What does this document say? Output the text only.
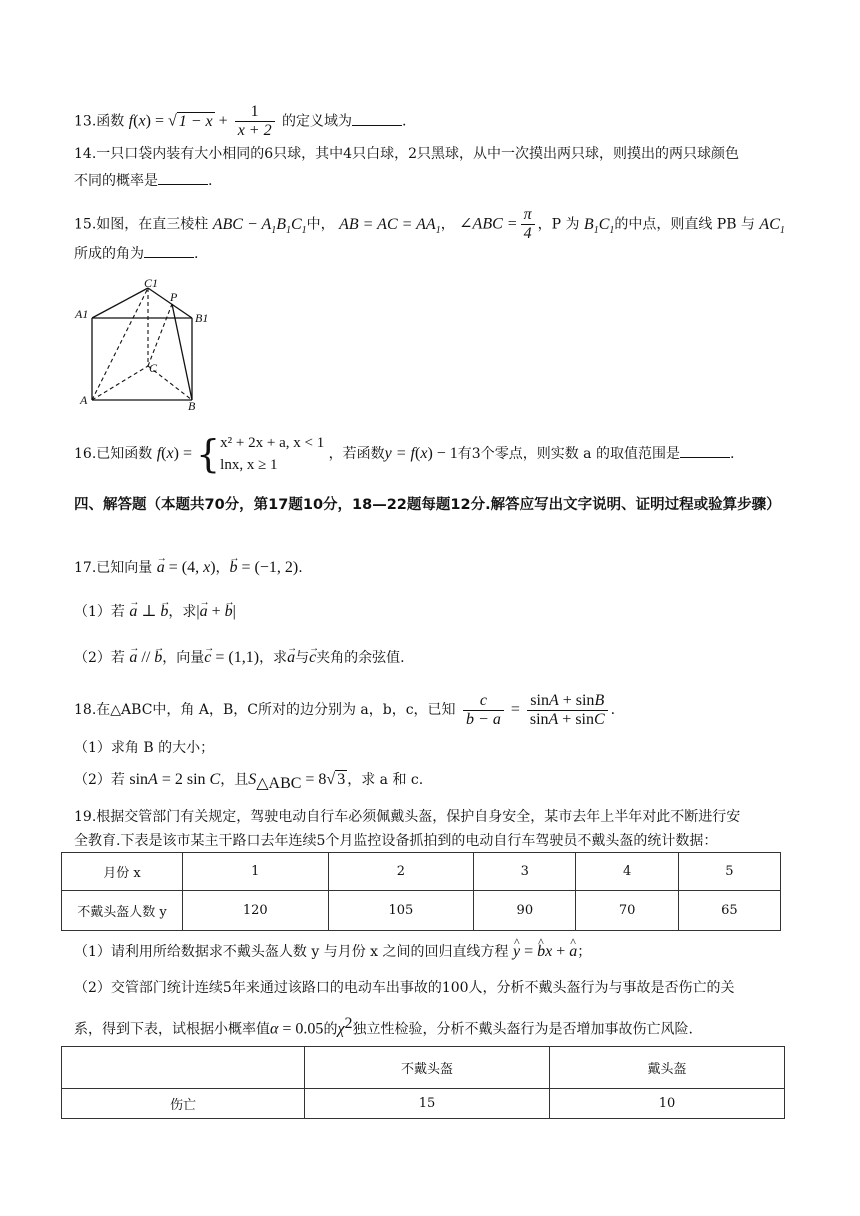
13.函数 f(x) = √ $1 - x + \frac{1}{x + 2}$ 的定义域为	.
14.一只口袋内装有大小相同的6只球，其中4只白球，2只黑球，从中一次摸出两只球，则摸出的两只球颜色
不同的概率是	.
15.如图，在直三棱柱 ABC − $A_1B_1C_1$中， AB = AC = $AA_1$， ∠ABC = $\frac{\pi}{4}$ ，P 为 $B_1C_1$的中点，则直线 PB 与 $AC_1$
所成的角为	.
C1
P
A1	B1
C
A	B
16.已知函数 f(x) = { x² + 2x + a, x < 1
lnx, x ≥ 1
，若函数y = f(x) − 1有3个零点，则实数 a 的取值范围是	.
四、解答题（本题共70分，第17题10分，18—22题每题12分.解答应写出文字说明、证明过程或验算步骤）
17.已知向量 → a = (4, x)，→ b = (−1, 2).
（1）若 → a ⊥ → b，求|→ a + → b|
（2）若 → a // → b，向量→ c = (1,1)，求→ a与→ c夹角的余弦值.
18.在△ABC中，角 A，B，C所对的边分别为 a，b，c，已知 $\frac{c}{b - a} = \frac{\sin A + \sin B}{\sin A + \sin C}$ .
（1）求角 B 的大小；
（2）若 sinA = 2 sin C，且$S_{\triangle ABC} = 8√$ 3 ，求 a 和 c.
19.根据交管部门有关规定，驾驶电动自行车必须佩戴头盔，保护自身安全，某市去年上半年对此不断进行安
全教育.下表是该市某主干路口去年连续5个月监控设备抓拍到的电动自行车驾驶员不戴头盔的统计数据：
月份 x	1	2	3	4	5
不戴头盔人数 y	120	105	90	70	65
（1）请利用所给数据求不戴头盔人数 y 与月份 x 之间的回归直线方程 ^ y = ^ bx + ^ a；
（2）交管部门统计连续5年来通过该路口的电动车出事故的100人，分析不戴头盔行为与事故是否伤亡的关
系，得到下表，试根据小概率值α = 0.05的$\chi^2$独立性检验，分析不戴头盔行为是否增加事故伤亡风险.
	不戴头盔	戴头盔
伤亡	15	10
